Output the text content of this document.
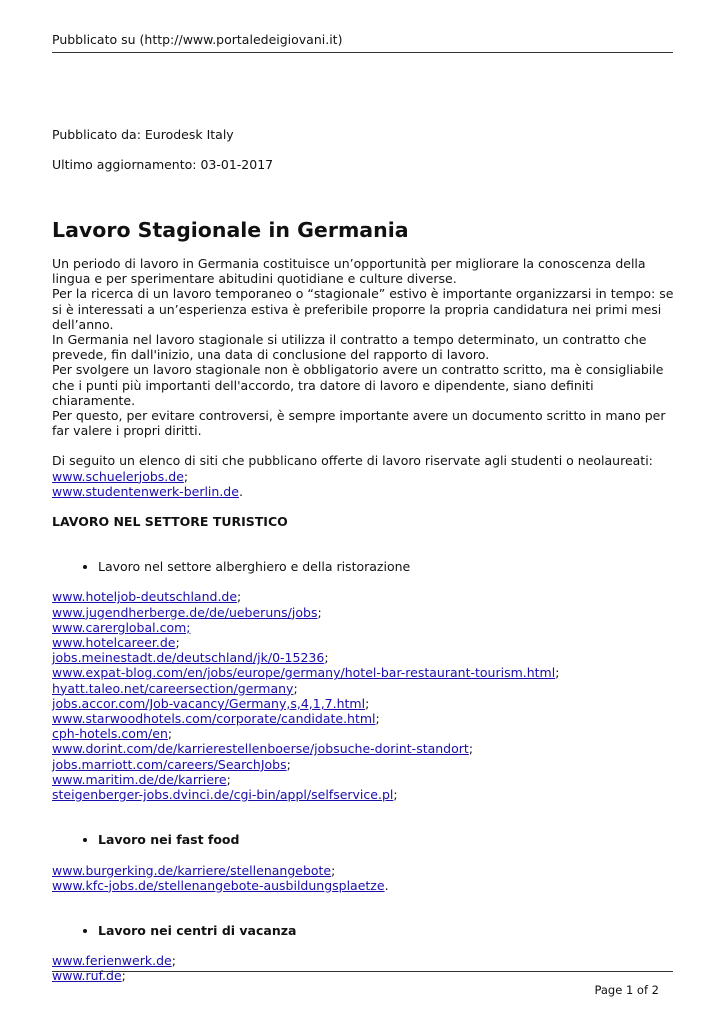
Pubblicato su (http://www.portaledeigiovani.it)

Pubblicato da: Eurodesk Italy

Ultimo aggiornamento: 03-01-2017

Lavoro Stagionale in Germania

Un periodo di lavoro in Germania costituisce un’opportunità per migliorare la conoscenza della lingua e per sperimentare abitudini quotidiane e culture diverse.

Per la ricerca di un lavoro temporaneo o “stagionale” estivo è importante organizzarsi in tempo: se si è interessati a un’esperienza estiva è preferibile proporre la propria candidatura nei primi mesi dell’anno.

In Germania nel lavoro stagionale si utilizza il contratto a tempo determinato, un contratto che prevede, fin dall'inizio, una data di conclusione del rapporto di lavoro.

Per svolgere un lavoro stagionale non è obbligatorio avere un contratto scritto, ma è consigliabile che i punti più importanti dell'accordo, tra datore di lavoro e dipendente, siano definiti chiaramente.

Per questo, per evitare controversi, è sempre importante avere un documento scritto in mano per far valere i propri diritti.

Di seguito un elenco di siti che pubblicano offerte di lavoro riservate agli studenti o neolaureati:

www.schuelerjobs.de;
www.studentenwerk-berlin.de.
LAVORO NEL SETTORE TURISTICO
• Lavoro nel settore alberghiero e della ristorazione
www.hoteljob-deutschland.de;
www.jugendherberge.de/de/ueberuns/jobs;
www.carerglobal.com;
www.hotelcareer.de;
jobs.meinestadt.de/deutschland/jk/0-15236;
www.expat-blog.com/en/jobs/europe/germany/hotel-bar-restaurant-tourism.html;
hyatt.taleo.net/careersection/germany;
jobs.accor.com/Job-vacancy/Germany,s,4,1,7.html;
www.starwoodhotels.com/corporate/candidate.html;
cph-hotels.com/en;
www.dorint.com/de/karrierestellenboerse/jobsuche-dorint-standort;
jobs.marriott.com/careers/SearchJobs;
www.maritim.de/de/karriere;
steigenberger-jobs.dvinci.de/cgi-bin/appl/selfservice.pl;
• Lavoro nei fast food
www.burgerking.de/karriere/stellenangebote;
www.kfc-jobs.de/stellenangebote-ausbildungsplaetze.
• Lavoro nei centri di vacanza
www.ferienwerk.de;
www.ruf.de;
Page 1 of 2
